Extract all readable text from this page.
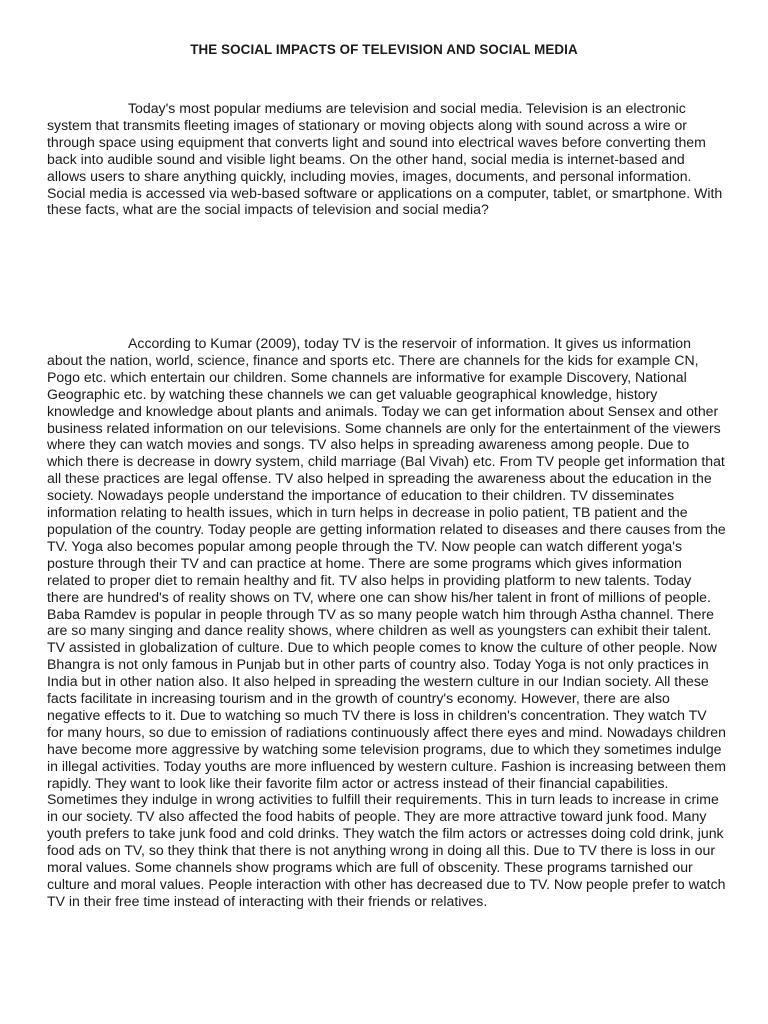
THE SOCIAL IMPACTS OF TELEVISION AND SOCIAL MEDIA

Today's most popular mediums are television and social media. Television is an electronic system that transmits fleeting images of stationary or moving objects along with sound across a wire or through space using equipment that converts light and sound into electrical waves before converting them back into audible sound and visible light beams. On the other hand, social media is internet-based and allows users to share anything quickly, including movies, images, documents, and personal information. Social media is accessed via web-based software or applications on a computer, tablet, or smartphone. With these facts, what are the social impacts of television and social media?

According to Kumar (2009), today TV is the reservoir of information. It gives us information about the nation, world, science, finance and sports etc. There are channels for the kids for example CN, Pogo etc. which entertain our children. Some channels are informative for example Discovery, National Geographic etc. by watching these channels we can get valuable geographical knowledge, history knowledge and knowledge about plants and animals. Today we can get information about Sensex and other business related information on our televisions. Some channels are only for the entertainment of the viewers where they can watch movies and songs. TV also helps in spreading awareness among people. Due to which there is decrease in dowry system, child marriage (Bal Vivah) etc. From TV people get information that all these practices are legal offense. TV also helped in spreading the awareness about the education in the society. Nowadays people understand the importance of education to their children. TV disseminates information relating to health issues, which in turn helps in decrease in polio patient, TB patient and the population of the country. Today people are getting information related to diseases and there causes from the TV. Yoga also becomes popular among people through the TV. Now people can watch different yoga's posture through their TV and can practice at home. There are some programs which gives information related to proper diet to remain healthy and fit. TV also helps in providing platform to new talents. Today there are hundred's of reality shows on TV, where one can show his/her talent in front of millions of people. Baba Ramdev is popular in people through TV as so many people watch him through Astha channel. There are so many singing and dance reality shows, where children as well as youngsters can exhibit their talent. TV assisted in globalization of culture. Due to which people comes to know the culture of other people. Now Bhangra is not only famous in Punjab but in other parts of country also. Today Yoga is not only practices in India but in other nation also. It also helped in spreading the western culture in our Indian society. All these facts facilitate in increasing tourism and in the growth of country's economy. However, there are also negative effects to it. Due to watching so much TV there is loss in children's concentration. They watch TV for many hours, so due to emission of radiations continuously affect there eyes and mind. Nowadays children have become more aggressive by watching some television programs, due to which they sometimes indulge in illegal activities. Today youths are more influenced by western culture. Fashion is increasing between them rapidly. They want to look like their favorite film actor or actress instead of their financial capabilities. Sometimes they indulge in wrong activities to fulfill their requirements. This in turn leads to increase in crime in our society. TV also affected the food habits of people. They are more attractive toward junk food. Many youth prefers to take junk food and cold drinks. They watch the film actors or actresses doing cold drink, junk food ads on TV, so they think that there is not anything wrong in doing all this. Due to TV there is loss in our moral values. Some channels show programs which are full of obscenity. These programs tarnished our culture and moral values. People interaction with other has decreased due to TV. Now people prefer to watch TV in their free time instead of interacting with their friends or relatives.
